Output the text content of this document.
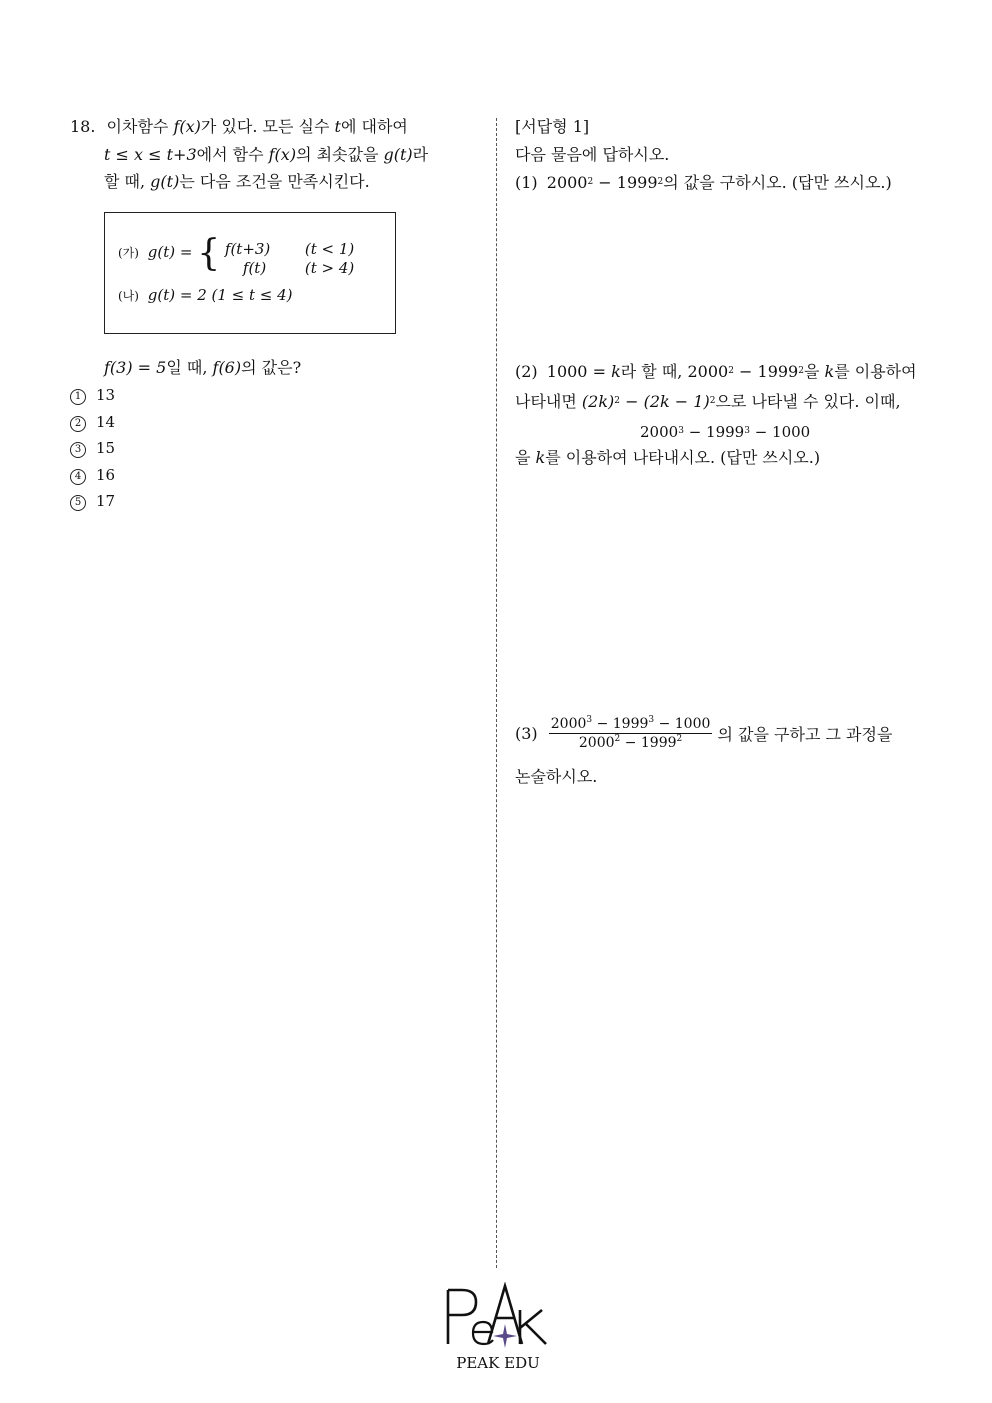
18. 이차함수 f(x)가 있다. 모든 실수 t에 대하여
t ≤ x ≤ t+3에서 함수 f(x)의 최솟값을 g(t)라
할 때, g(t)는 다음 조건을 만족시킨다.
$^{(가)}$ g(t) = { f(t+3) (t < 1)
f(t)	(t > 4)
(나) g(t) = 2 (1 ≤ t ≤ 4)
f(3) = 5일 때, f(6)의 값은?
1 13
2 14
3 15
4 16
5 17
[서답형 1]
다음 물음에 답하시오.
(1) $2000^2 - 1999^2$의 값을 구하시오. (답만 쓰시오.)
(2) 1000 = k라 할 때, $2000^2 - 1999^2$을 k를 이용하여
나타내면 $(2k)^2 - (2k - 1)^2$으로 나타낼 수 있다. 이때,
$2000^3 - 1999^3 - 1000$
을 k를 이용하여 나타내시오. (답만 쓰시오.)
$(3) \frac{2000^3 - 1999^3 - 1000}{2000^2 - 1999^2}$ 의 값을 구하고 그 과정을
논술하시오.
PEAK EDU
